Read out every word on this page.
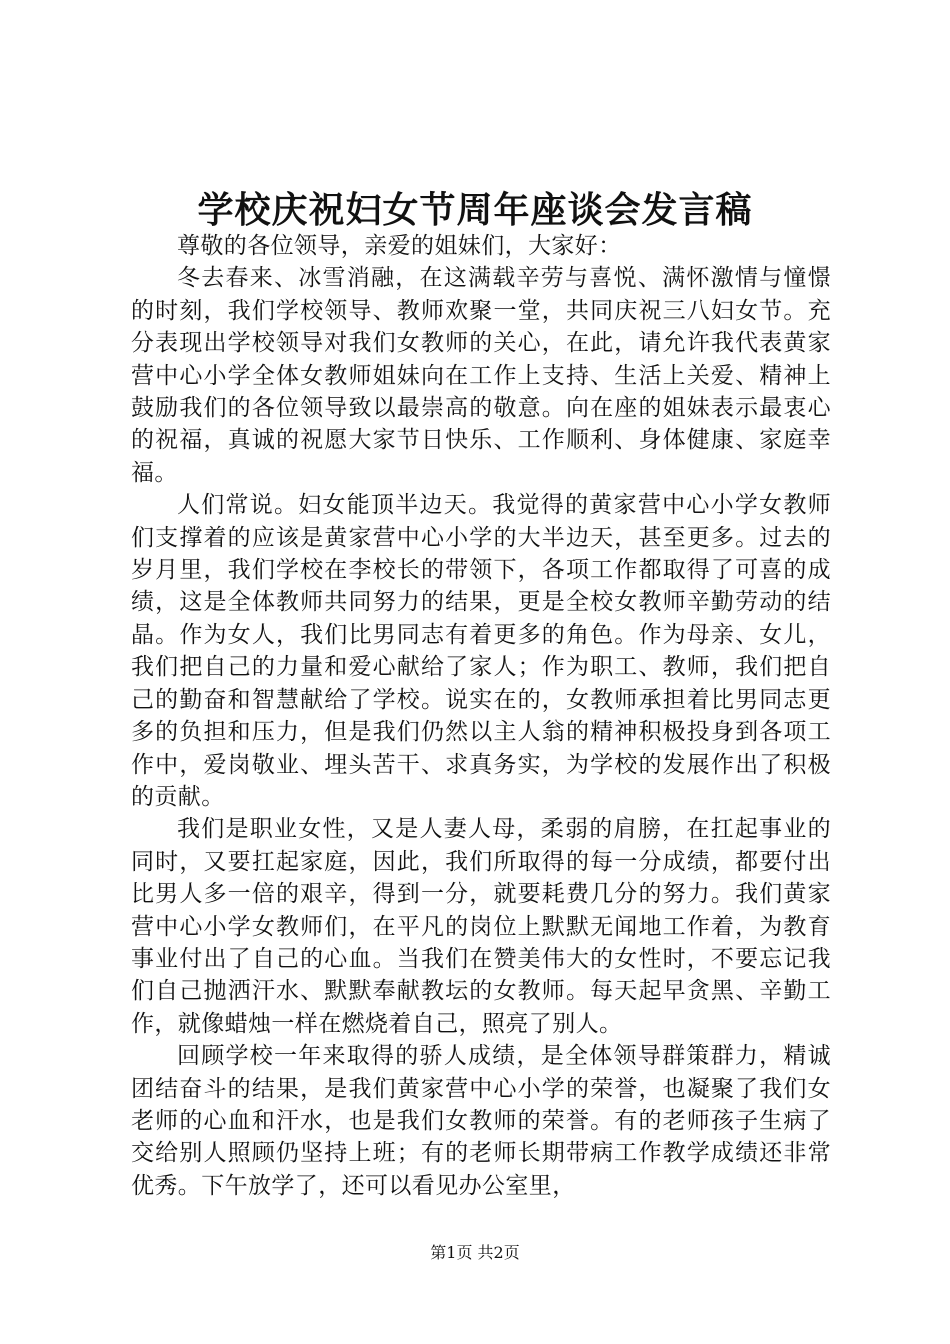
学校庆祝妇女节周年座谈会发言稿

尊敬的各位领导，亲爱的姐妹们，大家好：

冬去春来、冰雪消融，在这满载辛劳与喜悦、满怀激情与憧憬的时刻，我们学校领导、教师欢聚一堂，共同庆祝三八妇女节。充分表现出学校领导对我们女教师的关心，在此，请允许我代表黄家营中心小学全体女教师姐妹向在工作上支持、生活上关爱、精神上鼓励我们的各位领导致以最崇高的敬意。向在座的姐妹表示最衷心的祝福，真诚的祝愿大家节日快乐、工作顺利、身体健康、家庭幸福。

人们常说。妇女能顶半边天。我觉得的黄家营中心小学女教师们支撑着的应该是黄家营中心小学的大半边天，甚至更多。过去的岁月里，我们学校在李校长的带领下，各项工作都取得了可喜的成绩，这是全体教师共同努力的结果，更是全校女教师辛勤劳动的结晶。作为女人，我们比男同志有着更多的角色。作为母亲、女儿，我们把自己的力量和爱心献给了家人；作为职工、教师，我们把自己的勤奋和智慧献给了学校。说实在的，女教师承担着比男同志更多的负担和压力，但是我们仍然以主人翁的精神积极投身到各项工作中，爱岗敬业、埋头苦干、求真务实，为学校的发展作出了积极的贡献。

我们是职业女性，又是人妻人母，柔弱的肩膀，在扛起事业的同时，又要扛起家庭，因此，我们所取得的每一分成绩，都要付出比男人多一倍的艰辛，得到一分，就要耗费几分的努力。我们黄家营中心小学女教师们，在平凡的岗位上默默无闻地工作着，为教育事业付出了自己的心血。当我们在赞美伟大的女性时，不要忘记我们自己抛洒汗水、默默奉献教坛的女教师。每天起早贪黑、辛勤工作，就像蜡烛一样在燃烧着自己，照亮了别人。

回顾学校一年来取得的骄人成绩，是全体领导群策群力，精诚团结奋斗的结果，是我们黄家营中心小学的荣誉，也凝聚了我们女老师的心血和汗水，也是我们女教师的荣誉。有的老师孩子生病了交给别人照顾仍坚持上班；有的老师长期带病工作教学成绩还非常优秀。下午放学了，还可以看见办公室里，

第1页 共2页
